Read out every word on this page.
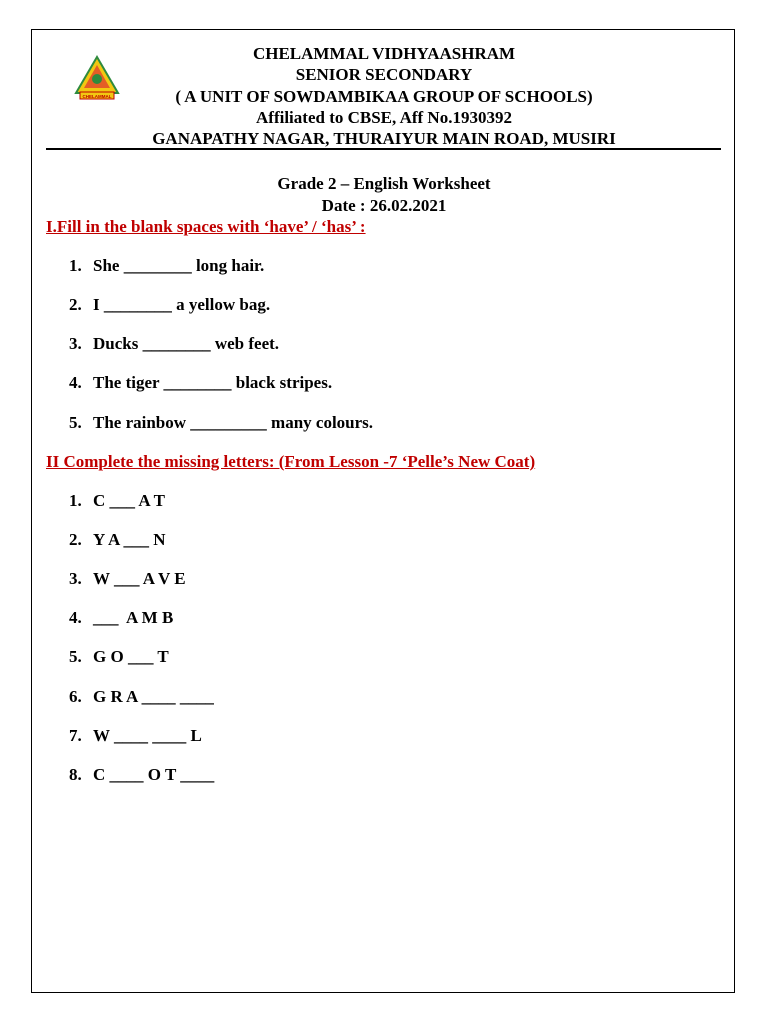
CHELAMMAL
CHELAMMAL VIDHYAASHRAM
SENIOR SECONDARY
( A UNIT OF SOWDAMBIKAA GROUP OF SCHOOLS)
Affiliated to CBSE, Aff No.1930392
GANAPATHY NAGAR, THURAIYUR MAIN ROAD, MUSIRI
Grade 2 – English Worksheet
Date : 26.02.2021
I.Fill in the blank spaces with ‘have’ / ‘has’ :
1. She ________ long hair.
2. I ________ a yellow bag.
3. Ducks ________ web feet.
4. The tiger ________ black stripes.
5. The rainbow _________ many colours.
II Complete the missing letters: (From Lesson -7 ‘Pelle’s New Coat)
1. C ___ A T
2. Y A ___ N
3. W ___ A V E
4. ___  A M B
5. G O ___ T
6. G R A ____ ____
7. W ____ ____ L
8. C ____ O T ____
